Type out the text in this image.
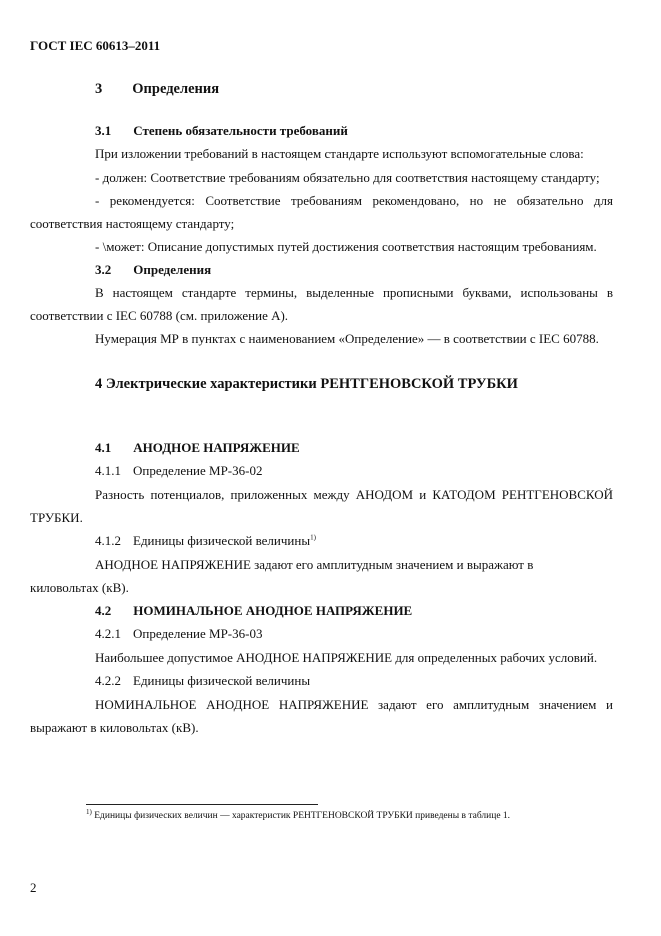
ГОСТ IEC 60613–2011
3 Определения
3.1 Степень обязательности требований
При изложении требований в настоящем стандарте используют вспомогательные слова:
- должен: Соответствие требованиям обязательно для соответствия настоящему стандарту;
- рекомендуется: Соответствие требованиям рекомендовано, но не обязательно для
соответствия настоящему стандарту;
- \может: Описание допустимых путей достижения соответствия настоящим требованиям.
3.2 Определения
В настоящем стандарте термины, выделенные прописными буквами, использованы в
соответствии с IEC 60788 (см. приложение А).
Нумерация МР в пунктах с наименованием «Определение» — в соответствии с IEC 60788.
4 Электрические характеристики РЕНТГЕНОВСКОЙ ТРУБКИ
4.1 АНОДНОЕ НАПРЯЖЕНИЕ
4.1.1 Определение МР-36-02
Разность потенциалов, приложенных между АНОДОМ и КАТОДОМ РЕНТГЕНОВСКОЙ
ТРУБКИ.
4.1.2 Единицы физической величины$^{1)}$
АНОДНОЕ НАПРЯЖЕНИЕ задают его амплитудным значением и выражают в
киловольтах (кВ).
4.2 НОМИНАЛЬНОЕ АНОДНОЕ НАПРЯЖЕНИЕ
4.2.1 Определение МР-36-03
Наибольшее допустимое АНОДНОЕ НАПРЯЖЕНИЕ для определенных рабочих условий.
4.2.2 Единицы физической величины
НОМИНАЛЬНОЕ АНОДНОЕ НАПРЯЖЕНИЕ задают его амплитудным значением и
выражают в киловольтах (кВ).
$^{1)}$ Единицы физических величин — характеристик РЕНТГЕНОВСКОЙ ТРУБКИ приведены в таблице 1.
2
